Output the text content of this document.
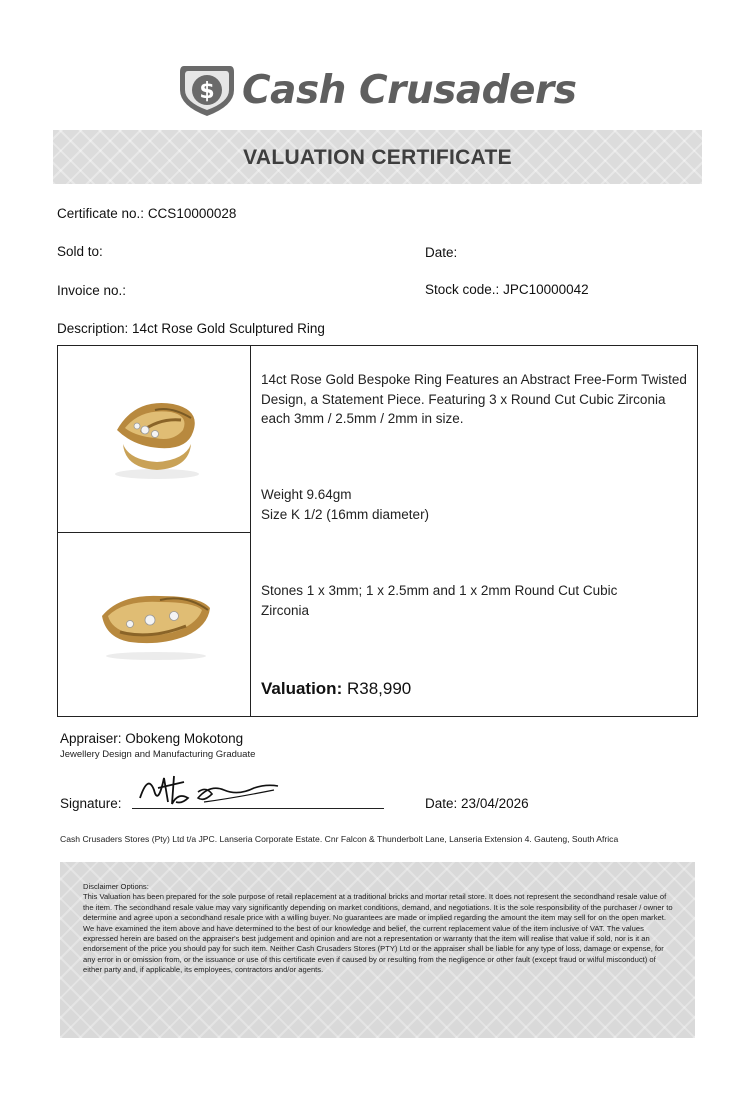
$ Cash Crusaders
VALUATION CERTIFICATE
Certificate no.: CCS10000028
Sold to:	Date:
Invoice no.:	Stock code.: JPC10000042
Description: 14ct Rose Gold Sculptured Ring
14ct Rose Gold Bespoke Ring Features an Abstract Free-Form Twisted Design, a Statement Piece. Featuring 3 x Round Cut Cubic Zirconia each 3mm / 2.5mm / 2mm in size.
Weight 9.64gm
Size K 1/2 (16mm diameter)
Stones 1 x 3mm; 1 x 2.5mm and 1 x 2mm Round Cut Cubic Zirconia
Valuation: R38,990
Appraiser: Obokeng Mokotong
Jewellery Design and Manufacturing Graduate
Signature:	Date: 23/04/2026
Cash Crusaders Stores (Pty) Ltd t/a JPC. Lanseria Corporate Estate. Cnr Falcon & Thunderbolt Lane, Lanseria Extension 4. Gauteng, South Africa

Disclaimer Options:

This Valuation has been prepared for the sole purpose of retail replacement at a traditional bricks and mortar retail store. It does not represent the secondhand resale value of the item. The secondhand resale value may vary significantly depending on market conditions, demand, and negotiations. It is the sole responsibility of the purchaser / owner to determine and agree upon a secondhand resale price with a willing buyer. No guarantees are made or implied regarding the amount the item may sell for on the open market.

We have examined the item above and have determined to the best of our knowledge and belief, the current replacement value of the item inclusive of VAT. The values expressed herein are based on the appraiser's best judgement and opinion and are not a representation or warranty that the item will realise that value if sold, nor is it an endorsement of the price you should pay for such item. Neither Cash Crusaders Stores (PTY) Ltd or the appraiser shall be liable for any type of loss, damage or expense, for any error in or omission from, or the issuance or use of this certificate even if caused by or resulting from the negligence or other fault (except fraud or wilful misconduct) of either party and, if applicable, its employees, contractors and/or agents.
